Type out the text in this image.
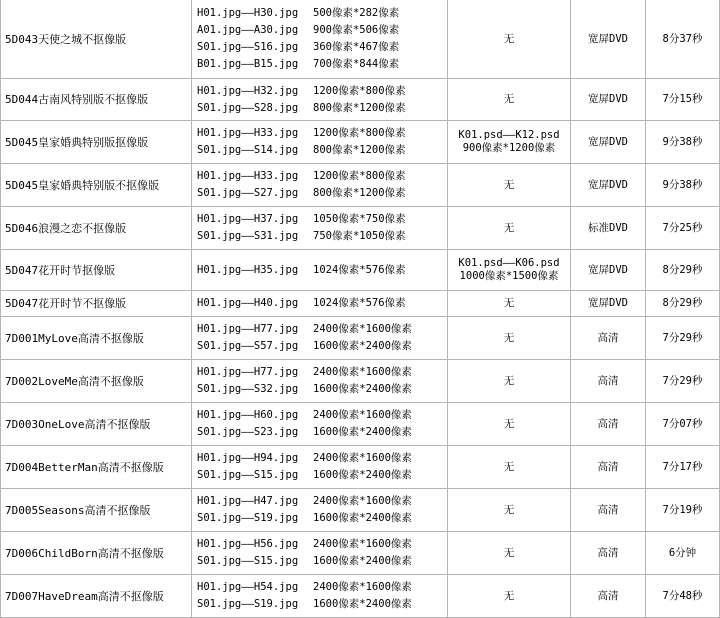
5D043天使之城不抠像版	H01.jpg——H30.jpg 500像素*282像素
A01.jpg——A30.jpg 900像素*506像素
S01.jpg——S16.jpg 360像素*467像素
B01.jpg——B15.jpg 700像素*844像素	无	宽屏DVD	8分37秒
5D044古南风特别版不抠像版	H01.jpg——H32.jpg 1200像素*800像素
S01.jpg——S28.jpg 800像素*1200像素	无	宽屏DVD	7分15秒
5D045皇家婚典特别版抠像版	H01.jpg——H33.jpg 1200像素*800像素
S01.jpg——S14.jpg 800像素*1200像素	K01.psd——K12.psd
900像素*1200像素	宽屏DVD	9分38秒
5D045皇家婚典特别版不抠像版	H01.jpg——H33.jpg 1200像素*800像素
S01.jpg——S27.jpg 800像素*1200像素	无	宽屏DVD	9分38秒
5D046浪漫之恋不抠像版	H01.jpg——H37.jpg 1050像素*750像素
S01.jpg——S31.jpg 750像素*1050像素	无	标准DVD	7分25秒
5D047花开时节抠像版	H01.jpg——H35.jpg 1024像素*576像素	K01.psd——K06.psd
1000像素*1500像素	宽屏DVD	8分29秒
5D047花开时节不抠像版	H01.jpg——H40.jpg 1024像素*576像素	无	宽屏DVD	8分29秒
7D001MyLove高清不抠像版	H01.jpg——H77.jpg 2400像素*1600像素
S01.jpg——S57.jpg 1600像素*2400像素	无	高清	7分29秒
7D002LoveMe高清不抠像版	H01.jpg——H77.jpg 2400像素*1600像素
S01.jpg——S32.jpg 1600像素*2400像素	无	高清	7分29秒
7D003OneLove高清不抠像版	H01.jpg——H60.jpg 2400像素*1600像素
S01.jpg——S23.jpg 1600像素*2400像素	无	高清	7分07秒
7D004BetterMan高清不抠像版	H01.jpg——H94.jpg 2400像素*1600像素
S01.jpg——S15.jpg 1600像素*2400像素	无	高清	7分17秒
7D005Seasons高清不抠像版	H01.jpg——H47.jpg 2400像素*1600像素
S01.jpg——S19.jpg 1600像素*2400像素	无	高清	7分19秒
7D006ChildBorn高清不抠像版	H01.jpg——H56.jpg 2400像素*1600像素
S01.jpg——S15.jpg 1600像素*2400像素	无	高清	6分钟
7D007HaveDream高清不抠像版	H01.jpg——H54.jpg 2400像素*1600像素
S01.jpg——S19.jpg 1600像素*2400像素	无	高清	7分48秒
